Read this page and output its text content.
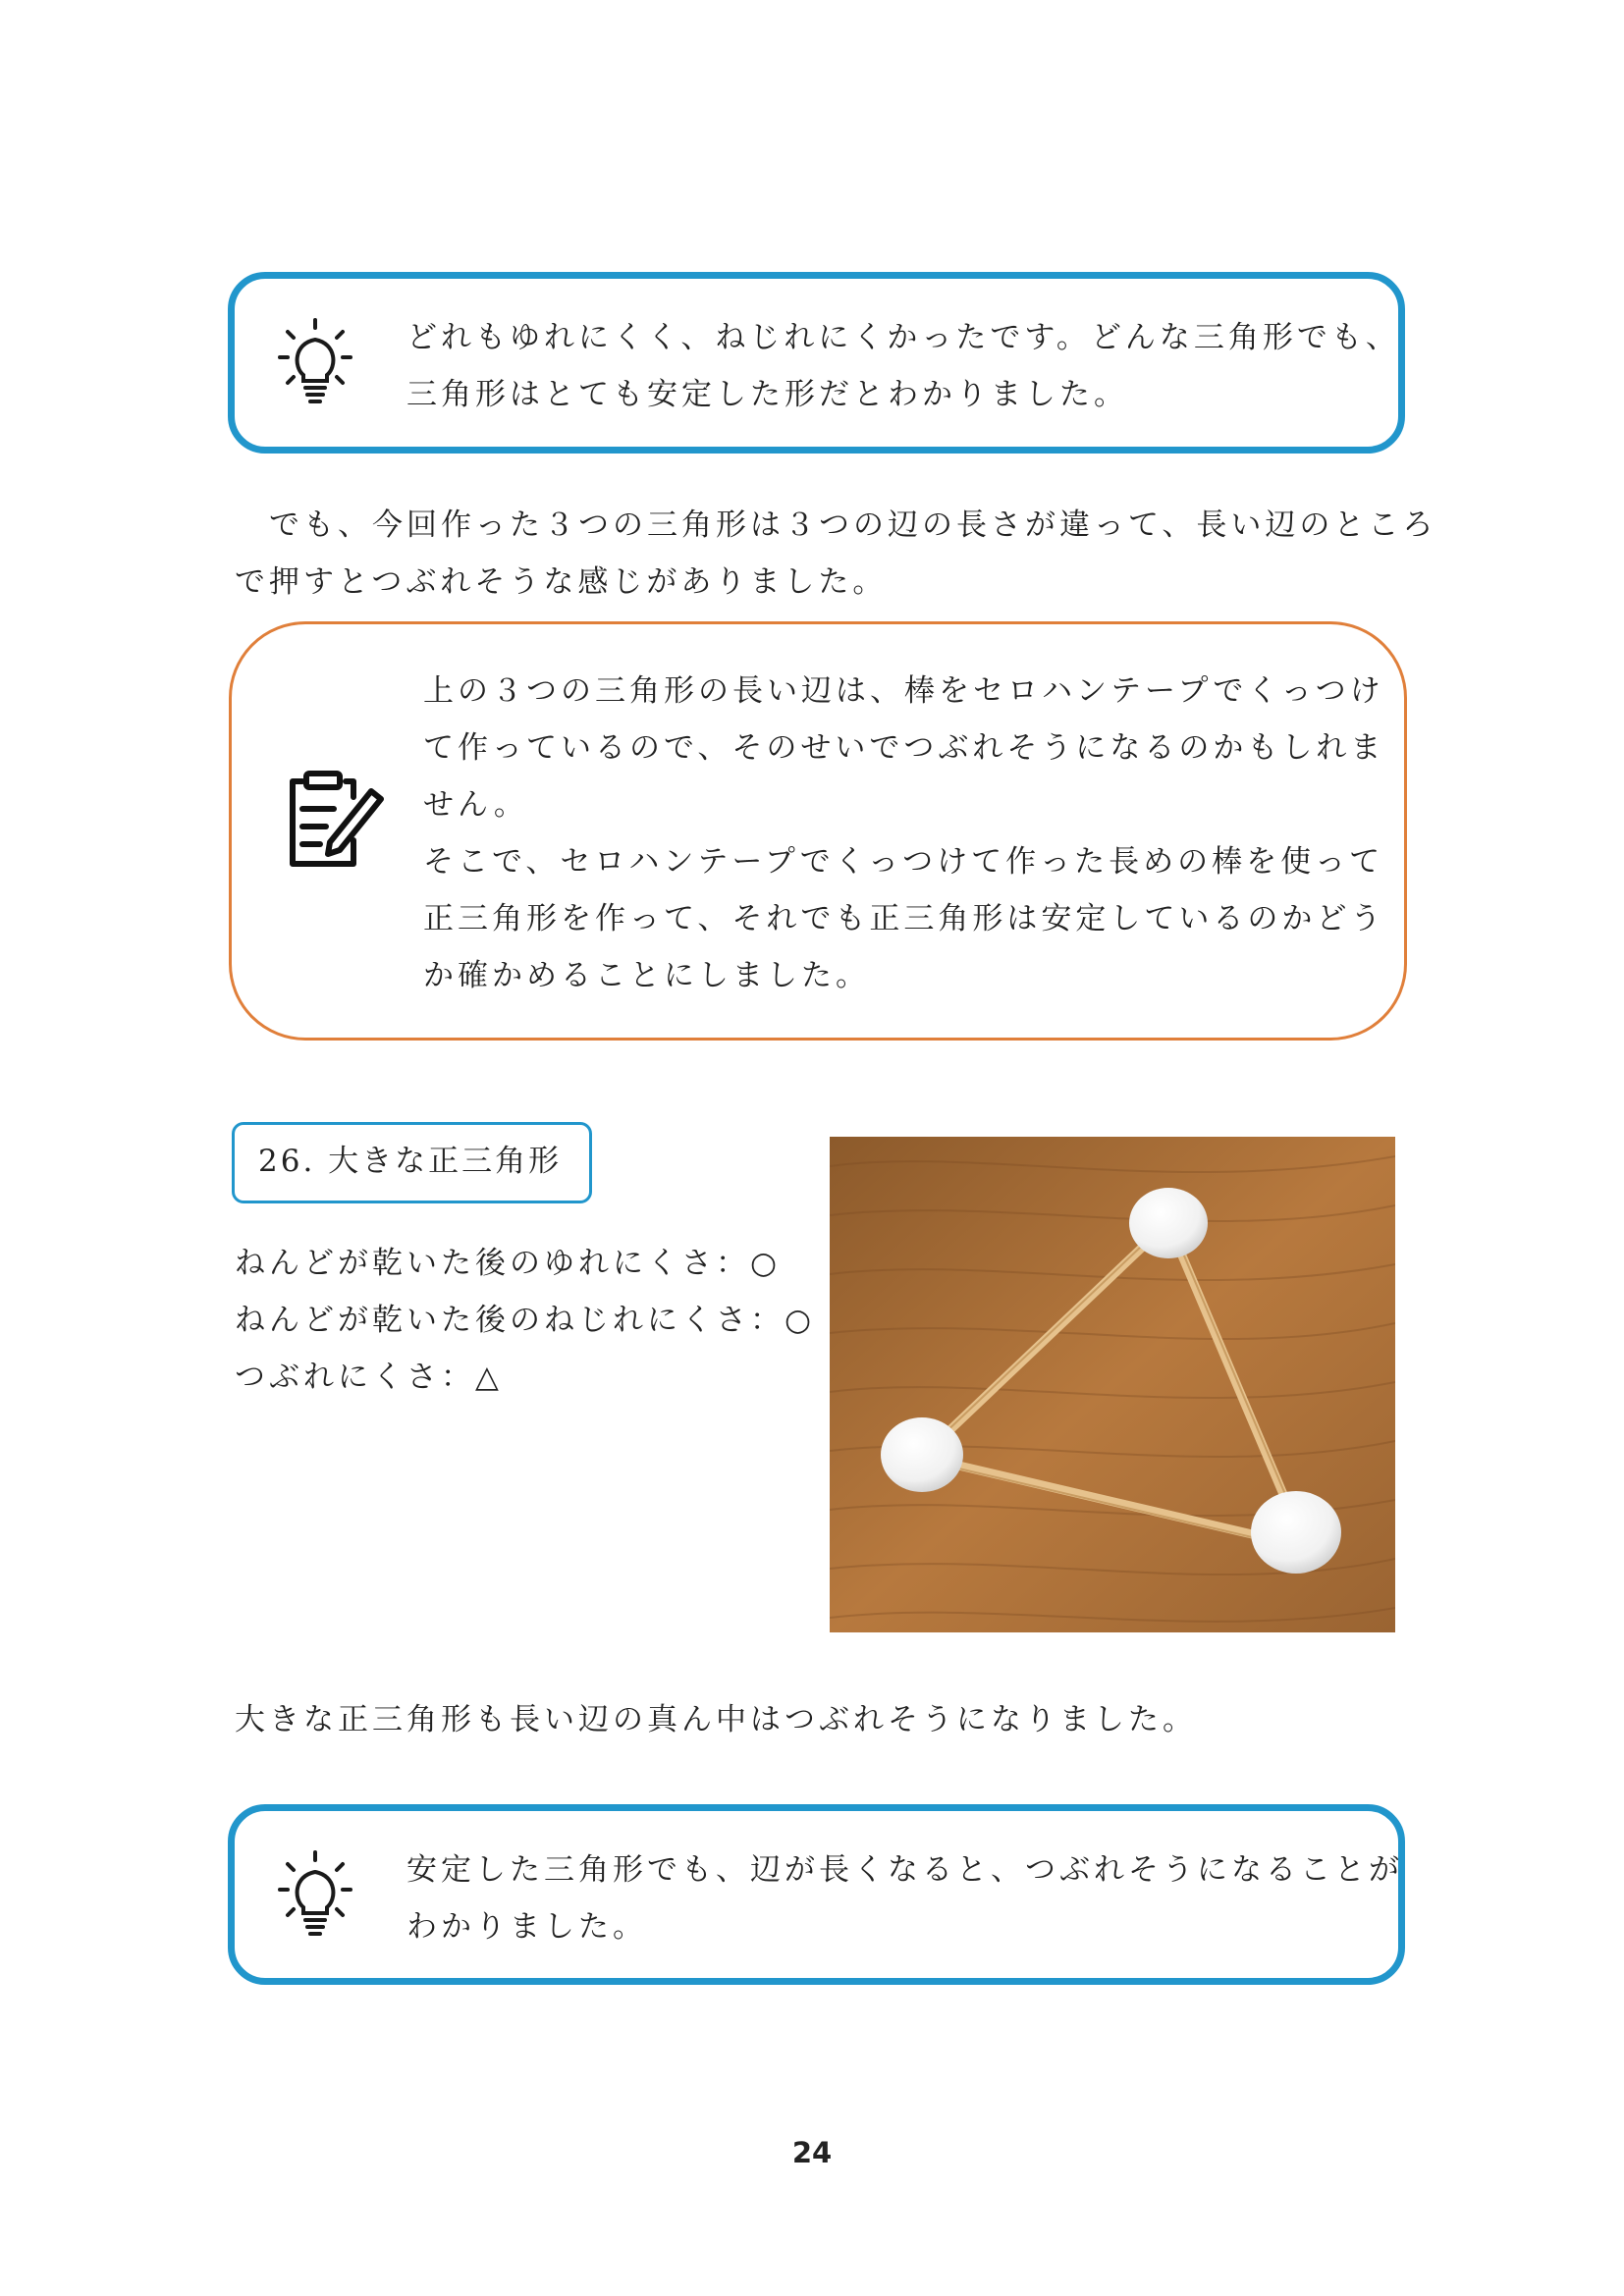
どれもゆれにくく、ねじれにくかったです。どんな三角形でも、
三角形はとても安定した形だとわかりました。
　でも、今回作った３つの三角形は３つの辺の長さが違って、長い辺のところ
で押すとつぶれそうな感じがありました。
上の３つの三角形の長い辺は、棒をセロハンテープでくっつけ
て作っているので、そのせいでつぶれそうになるのかもしれま
せん。
そこで、セロハンテープでくっつけて作った長めの棒を使って
正三角形を作って、それでも正三角形は安定しているのかどう
か確かめることにしました。
26. 大きな正三角形
ねんどが乾いた後のゆれにくさ：○
ねんどが乾いた後のねじれにくさ：○
つぶれにくさ：△
大きな正三角形も長い辺の真ん中はつぶれそうになりました。
安定した三角形でも、辺が長くなると、つぶれそうになることが
わかりました。
24
